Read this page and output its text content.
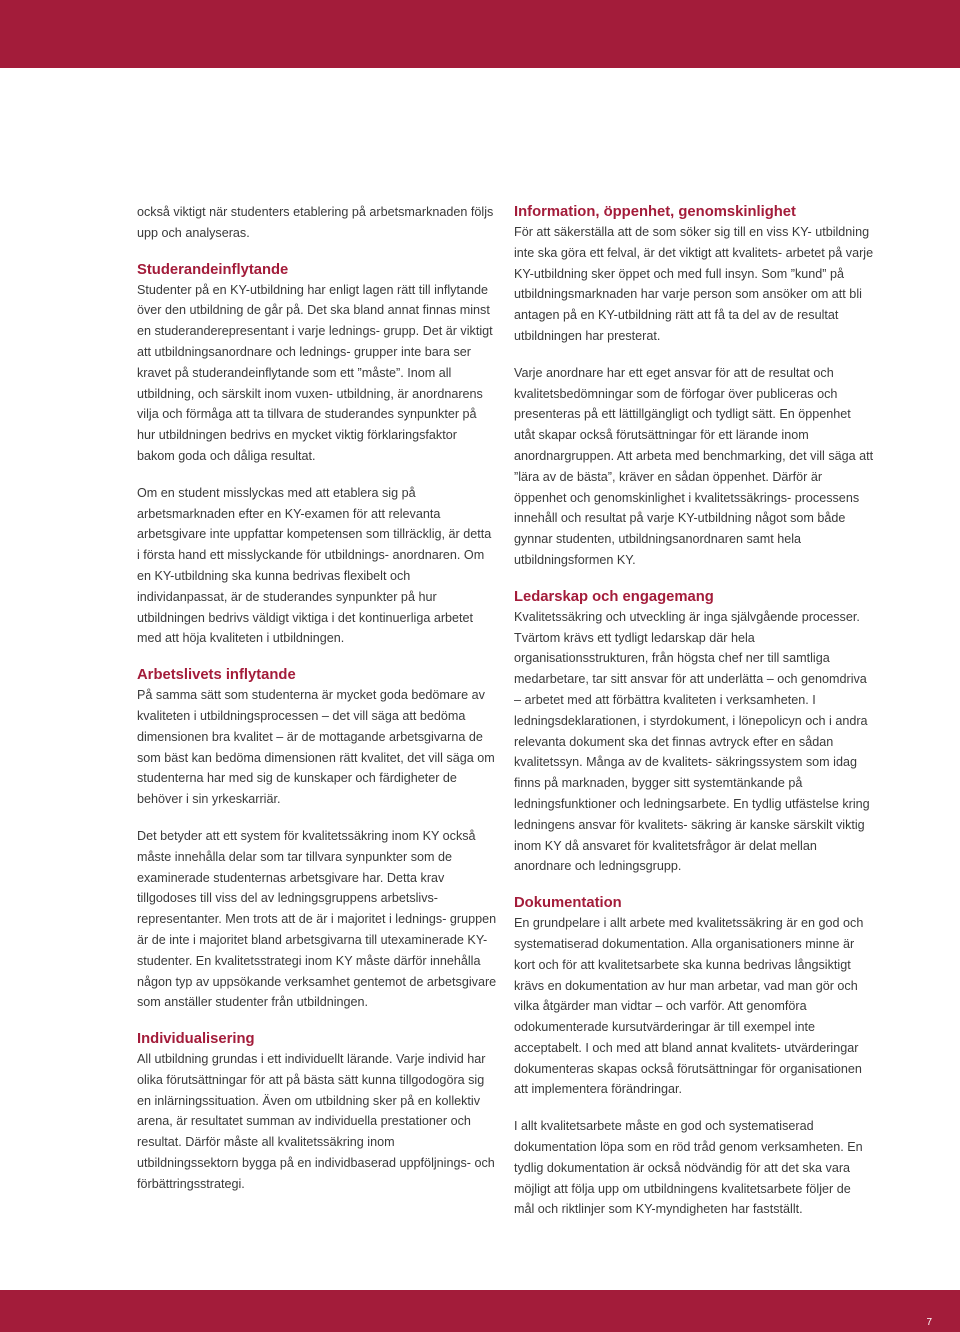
också viktigt när studenters etablering på arbetsmarknaden följs upp och analyseras.

Studerandeinflytande

Studenter på en KY-utbildning har enligt lagen rätt till inflytande över den utbildning de går på. Det ska bland annat finnas minst en studeranderepresentant i varje lednings- grupp. Det är viktigt att utbildningsanordnare och lednings- grupper inte bara ser kravet på studerandeinflytande som ett ”måste”. Inom all utbildning, och särskilt inom vuxen- utbildning, är anordnarens vilja och förmåga att ta tillvara de studerandes synpunkter på hur utbildningen bedrivs en mycket viktig förklaringsfaktor bakom goda och dåliga resultat.

Om en student misslyckas med att etablera sig på arbetsmarknaden efter en KY-examen för att relevanta arbetsgivare inte uppfattar kompetensen som tillräcklig, är detta i första hand ett misslyckande för utbildnings- anordnaren. Om en KY-utbildning ska kunna bedrivas flexibelt och individanpassat, är de studerandes synpunkter på hur utbildningen bedrivs väldigt viktiga i det kontinuerliga arbetet med att höja kvaliteten i utbildningen.

Arbetslivets inflytande

På samma sätt som studenterna är mycket goda bedömare av kvaliteten i utbildningsprocessen – det vill säga att bedöma dimensionen bra kvalitet – är de mottagande arbetsgivarna de som bäst kan bedöma dimensionen rätt kvalitet, det vill säga om studenterna har med sig de kunskaper och färdigheter de behöver i sin yrkeskarriär.

Det betyder att ett system för kvalitetssäkring inom KY också måste innehålla delar som tar tillvara synpunkter som de examinerade studenternas arbetsgivare har. Detta krav tillgodoses till viss del av ledningsgruppens arbetslivs- representanter. Men trots att de är i majoritet i lednings- gruppen är de inte i majoritet bland arbetsgivarna till utexaminerade KY-studenter. En kvalitetsstrategi inom KY måste därför innehålla någon typ av uppsökande verksamhet gentemot de arbetsgivare som anställer studenter från utbildningen.

Individualisering

All utbildning grundas i ett individuellt lärande. Varje individ har olika förutsättningar för att på bästa sätt kunna tillgodogöra sig en inlärningssituation. Även om utbildning sker på en kollektiv arena, är resultatet summan av individuella prestationer och resultat. Därför måste all kvalitetssäkring inom utbildningssektorn bygga på en individbaserad uppföljnings- och förbättringsstrategi.

Information, öppenhet, genomskinlighet

För att säkerställa att de som söker sig till en viss KY- utbildning inte ska göra ett felval, är det viktigt att kvalitets- arbetet på varje KY-utbildning sker öppet och med full insyn. Som ”kund” på utbildningsmarknaden har varje person som ansöker om att bli antagen på en KY-utbildning rätt att få ta del av de resultat utbildningen har presterat.

Varje anordnare har ett eget ansvar för att de resultat och kvalitetsbedömningar som de förfogar över publiceras och presenteras på ett lättillgängligt och tydligt sätt. En öppenhet utåt skapar också förutsättningar för ett lärande inom anordnargruppen. Att arbeta med benchmarking, det vill säga att ”lära av de bästa”, kräver en sådan öppenhet. Därför är öppenhet och genomskinlighet i kvalitetssäkrings- processens innehåll och resultat på varje KY-utbildning något som både gynnar studenten, utbildningsanordnaren samt hela utbildningsformen KY.

Ledarskap och engagemang

Kvalitetssäkring och utveckling är inga självgående processer. Tvärtom krävs ett tydligt ledarskap där hela organisationsstrukturen, från högsta chef ner till samtliga medarbetare, tar sitt ansvar för att underlätta – och genomdriva – arbetet med att förbättra kvaliteten i verksamheten. I ledningsdeklarationen, i styrdokument, i lönepolicyn och i andra relevanta dokument ska det finnas avtryck efter en sådan kvalitetssyn. Många av de kvalitets- säkringssystem som idag finns på marknaden, bygger sitt systemtänkande på ledningsfunktioner och ledningsarbete. En tydlig utfästelse kring ledningens ansvar för kvalitets- säkring är kanske särskilt viktig inom KY då ansvaret för kvalitetsfrågor är delat mellan anordnare och ledningsgrupp.

Dokumentation

En grundpelare i allt arbete med kvalitetssäkring är en god och systematiserad dokumentation. Alla organisationers minne är kort och för att kvalitetsarbete ska kunna bedrivas långsiktigt krävs en dokumentation av hur man arbetar, vad man gör och vilka åtgärder man vidtar – och varför. Att genomföra odokumenterade kursutvärderingar är till exempel inte acceptabelt. I och med att bland annat kvalitets- utvärderingar dokumenteras skapas också förutsättningar för organisationen att implementera förändringar.

I allt kvalitetsarbete måste en god och systematiserad dokumentation löpa som en röd tråd genom verksamheten. En tydlig dokumentation är också nödvändig för att det ska vara möjligt att följa upp om utbildningens kvalitetsarbete följer de mål och riktlinjer som KY-myndigheten har fastställt.

7
